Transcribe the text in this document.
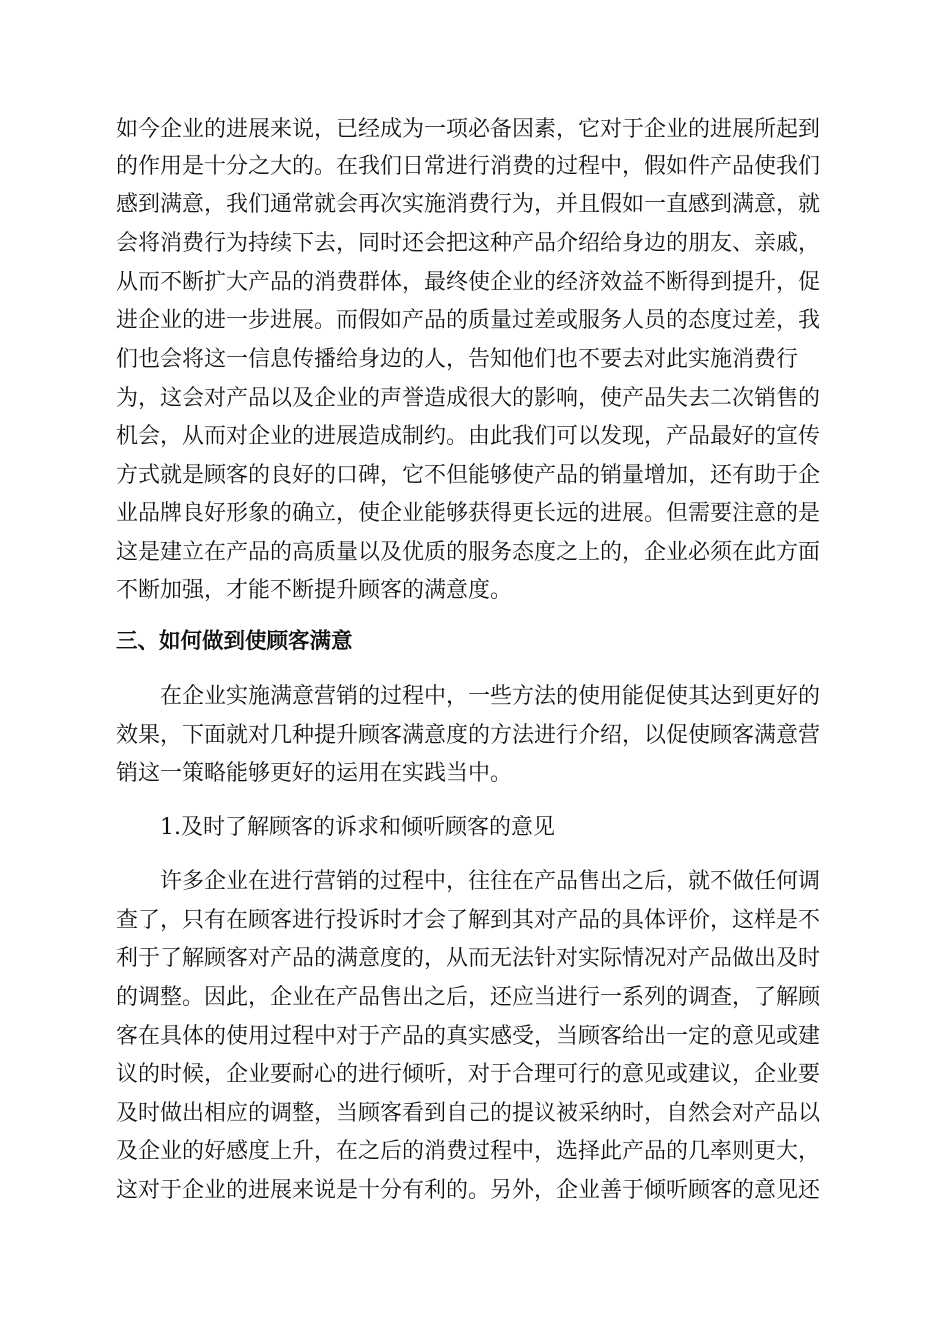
如今企业的进展来说，已经成为一项必备因素，它对于企业的进展所起到
的作用是十分之大的。在我们日常进行消费的过程中，假如件产品使我们
感到满意，我们通常就会再次实施消费行为，并且假如一直感到满意，就
会将消费行为持续下去，同时还会把这种产品介绍给身边的朋友、亲戚，
从而不断扩大产品的消费群体，最终使企业的经济效益不断得到提升，促
进企业的进一步进展。而假如产品的质量过差或服务人员的态度过差，我
们也会将这一信息传播给身边的人，告知他们也不要去对此实施消费行
为，这会对产品以及企业的声誉造成很大的影响，使产品失去二次销售的
机会，从而对企业的进展造成制约。由此我们可以发现，产品最好的宣传
方式就是顾客的良好的口碑，它不但能够使产品的销量增加，还有助于企
业品牌良好形象的确立，使企业能够获得更长远的进展。但需要注意的是
这是建立在产品的高质量以及优质的服务态度之上的，企业必须在此方面
不断加强，才能不断提升顾客的满意度。
三、如何做到使顾客满意
在企业实施满意营销的过程中，一些方法的使用能促使其达到更好的
效果，下面就对几种提升顾客满意度的方法进行介绍，以促使顾客满意营
销这一策略能够更好的运用在实践当中。
1.及时了解顾客的诉求和倾听顾客的意见
许多企业在进行营销的过程中，往往在产品售出之后，就不做任何调
查了，只有在顾客进行投诉时才会了解到其对产品的具体评价，这样是不
利于了解顾客对产品的满意度的，从而无法针对实际情况对产品做出及时
的调整。因此，企业在产品售出之后，还应当进行一系列的调查，了解顾
客在具体的使用过程中对于产品的真实感受，当顾客给出一定的意见或建
议的时候，企业要耐心的进行倾听，对于合理可行的意见或建议，企业要
及时做出相应的调整，当顾客看到自己的提议被采纳时，自然会对产品以
及企业的好感度上升，在之后的消费过程中，选择此产品的几率则更大，
这对于企业的进展来说是十分有利的。另外，企业善于倾听顾客的意见还
